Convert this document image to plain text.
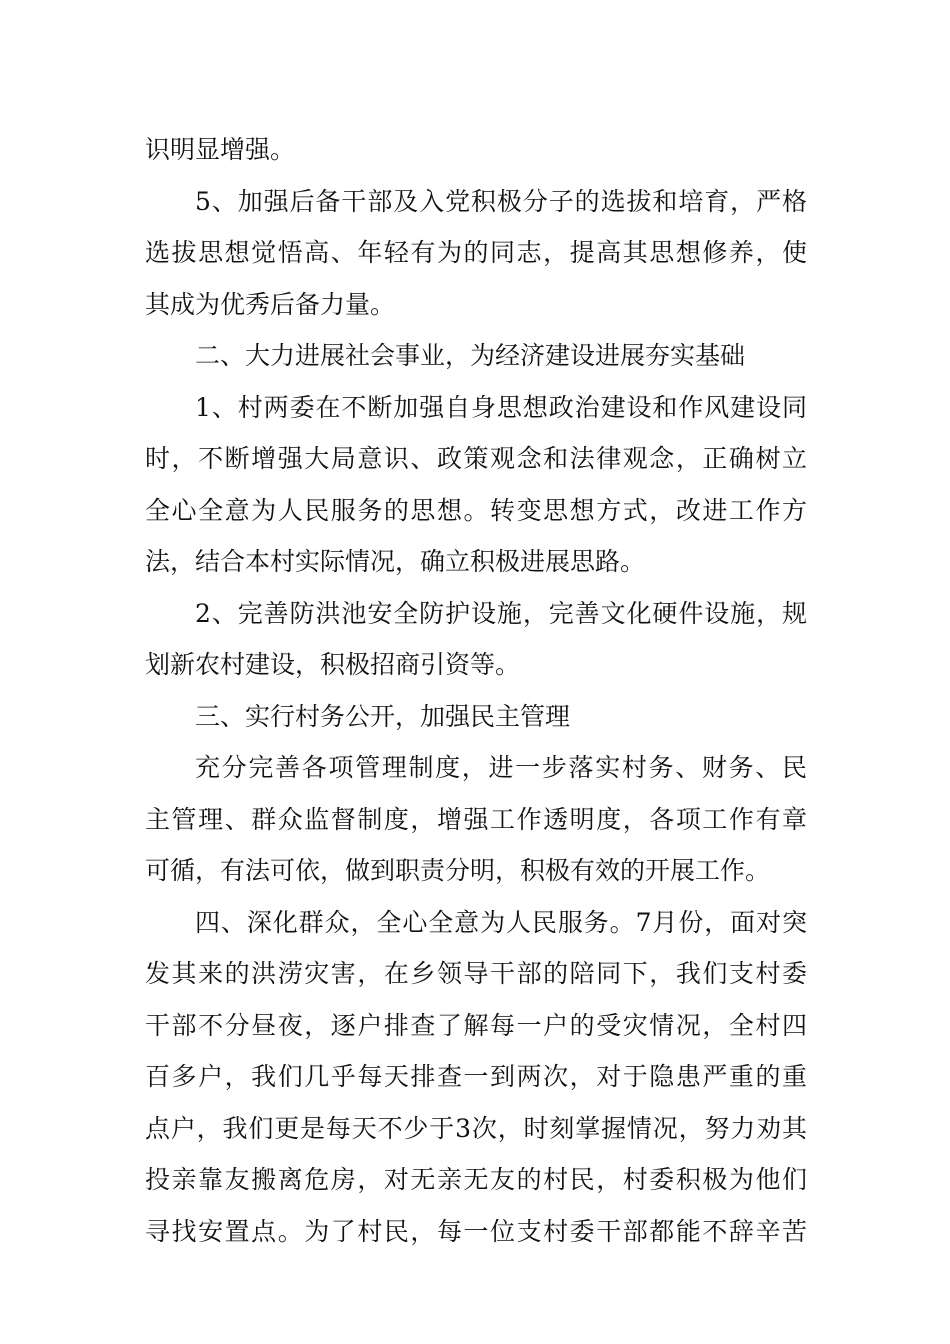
识明显增强。
5、加强后备干部及入党积极分子的选拔和培育，严格
选拔思想觉悟高、年轻有为的同志，提高其思想修养，使
其成为优秀后备力量。
二、大力进展社会事业，为经济建设进展夯实基础
1、村两委在不断加强自身思想政治建设和作风建设同
时，不断增强大局意识、政策观念和法律观念，正确树立
全心全意为人民服务的思想。转变思想方式，改进工作方
法，结合本村实际情况，确立积极进展思路。
2、完善防洪池安全防护设施，完善文化硬件设施，规
划新农村建设，积极招商引资等。
三、实行村务公开，加强民主管理
充分完善各项管理制度，进一步落实村务、财务、民
主管理、群众监督制度，增强工作透明度，各项工作有章
可循，有法可依，做到职责分明，积极有效的开展工作。
四、深化群众，全心全意为人民服务。7月份，面对突
发其来的洪涝灾害，在乡领导干部的陪同下，我们支村委
干部不分昼夜，逐户排查了解每一户的受灾情况，全村四
百多户，我们几乎每天排查一到两次，对于隐患严重的重
点户，我们更是每天不少于3次，时刻掌握情况，努力劝其
投亲靠友搬离危房，对无亲无友的村民，村委积极为他们
寻找安置点。为了村民，每一位支村委干部都能不辞辛苦
